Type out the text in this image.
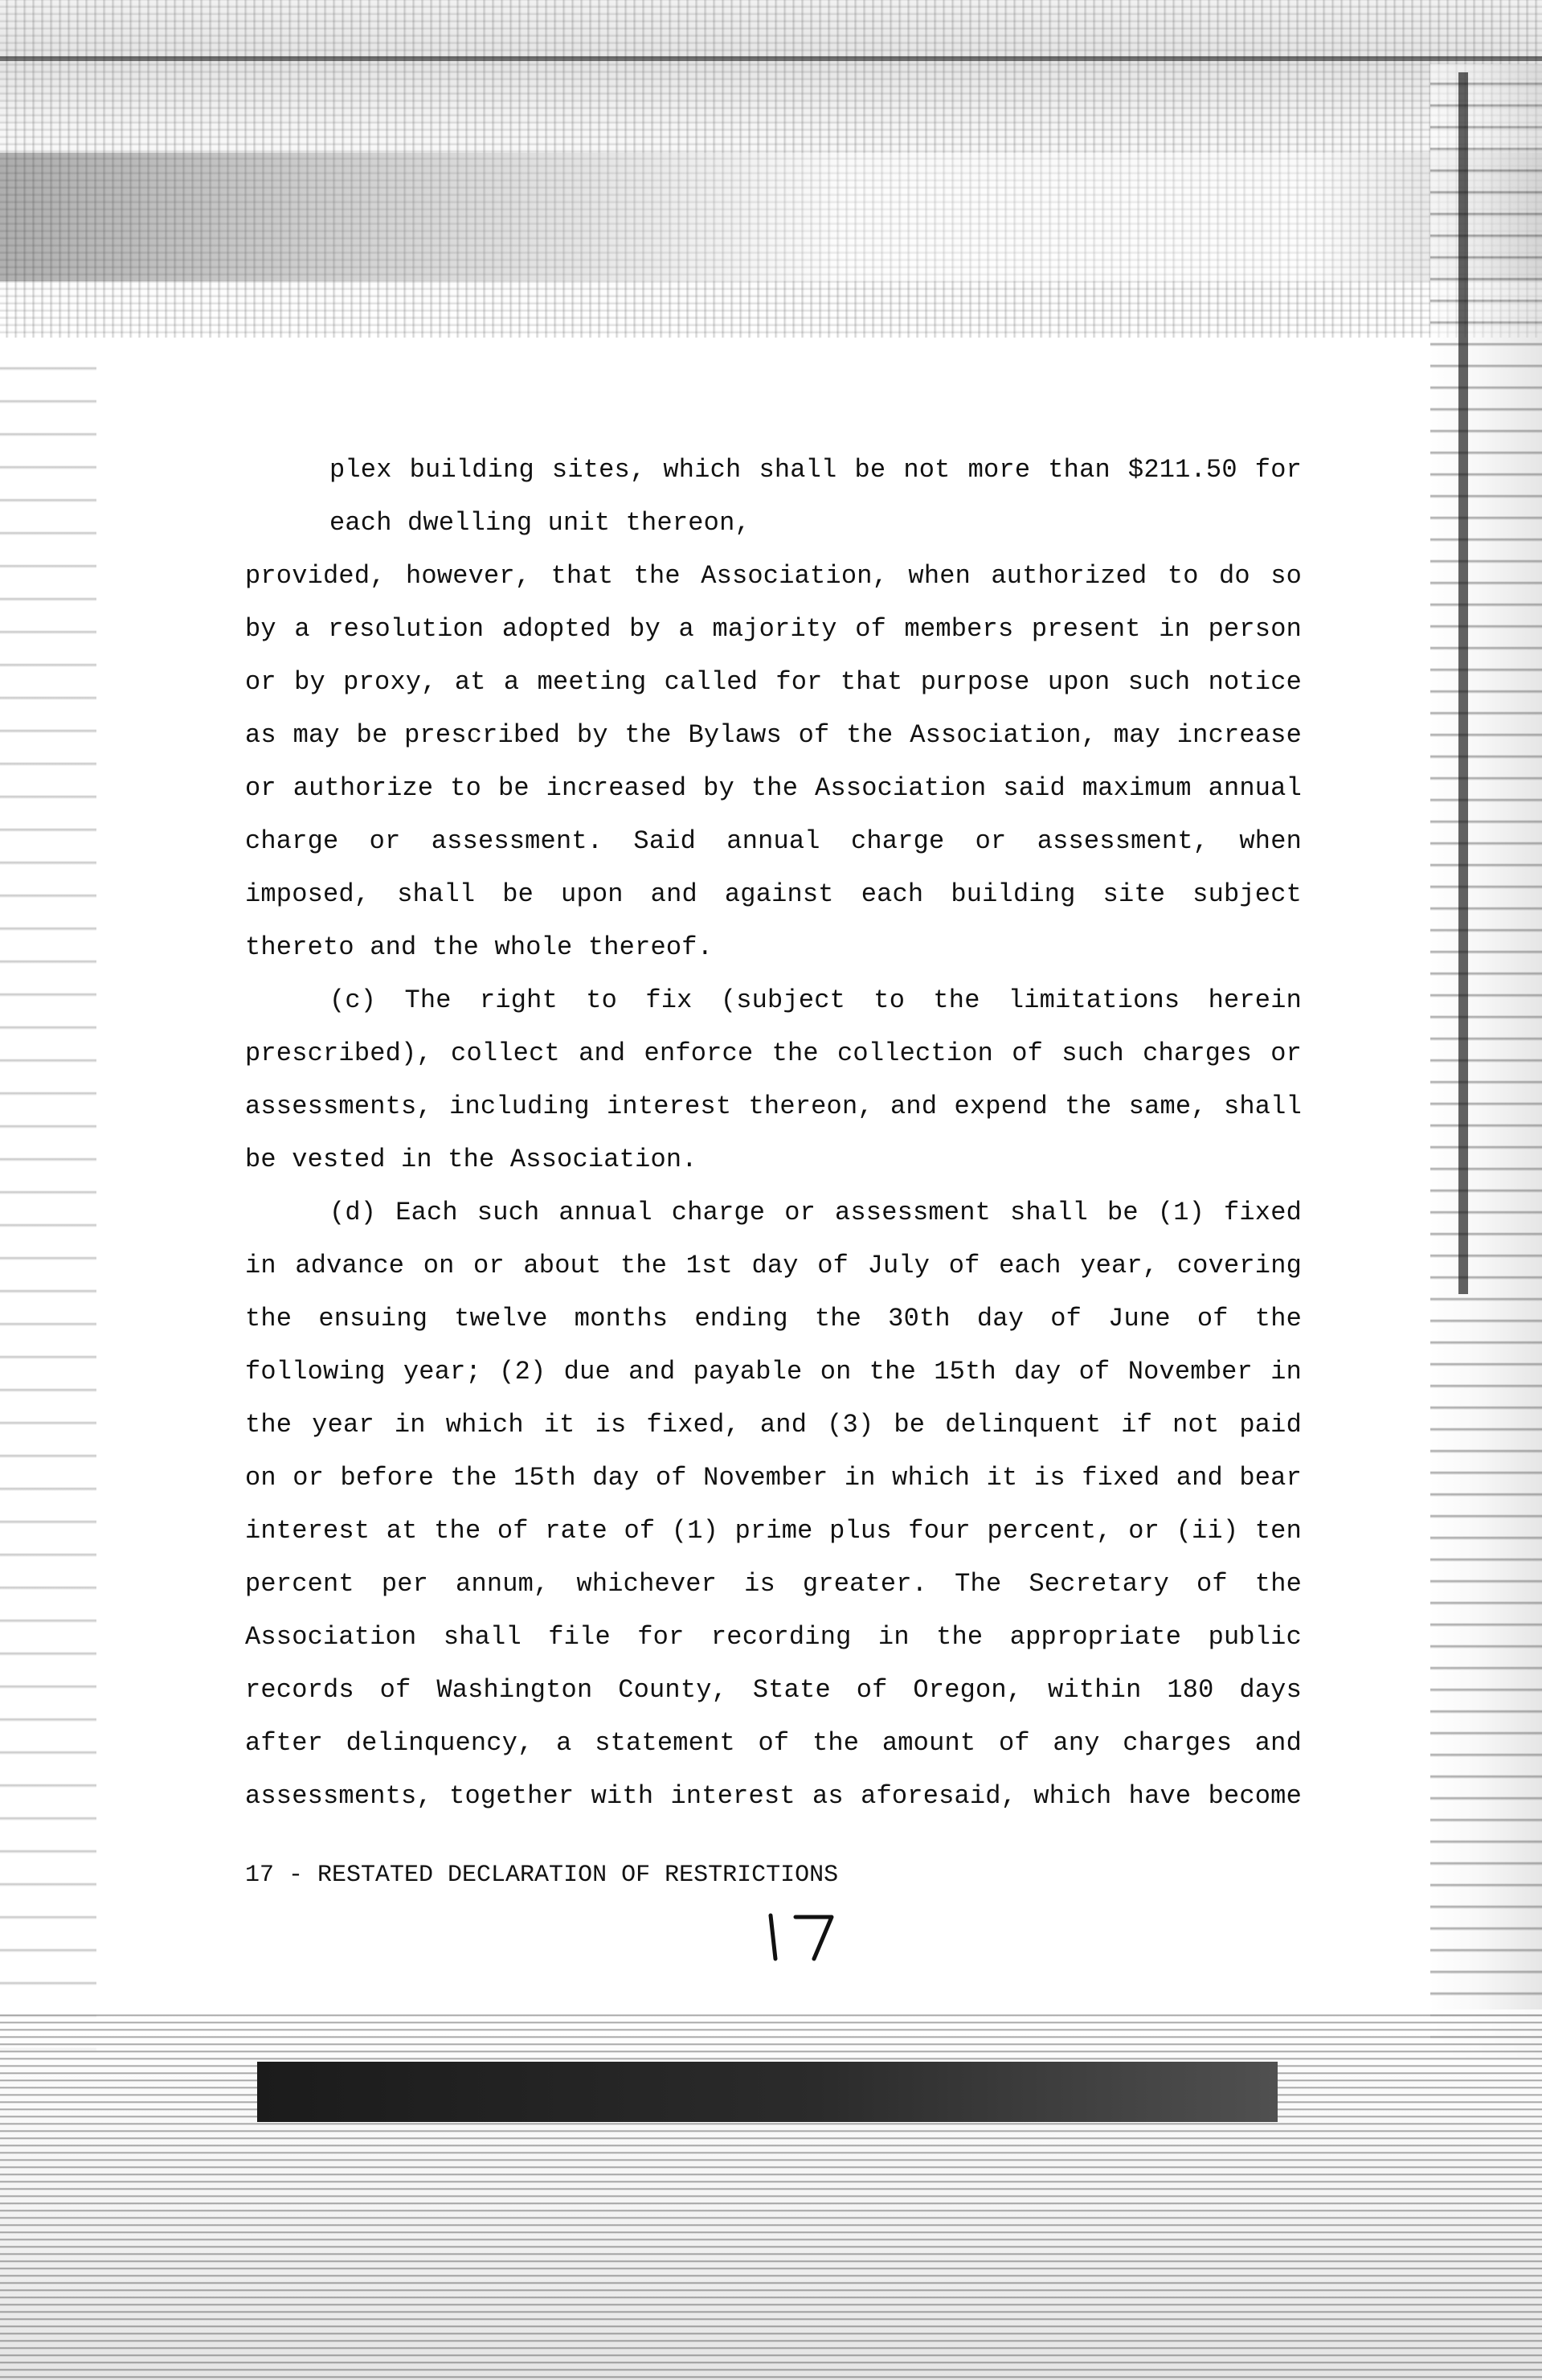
plex building sites, which shall be not more than $211.50 for
each dwelling unit thereon,
provided, however, that the Association, when authorized to do so
by a resolution adopted by a majority of members present in person
or by proxy, at a meeting called for that purpose upon such notice
as may be prescribed by the Bylaws of the Association, may increase
or authorize to be increased by the Association said maximum annual
charge or assessment. Said annual charge or assessment, when
imposed, shall be upon and against each building site subject
thereto and the whole thereof.
(c) The right to fix (subject to the limitations herein
prescribed), collect and enforce the collection of such charges or
assessments, including interest thereon, and expend the same, shall
be vested in the Association.
(d) Each such annual charge or assessment shall be (1) fixed
in advance on or about the 1st day of July of each year, covering
the ensuing twelve months ending the 30th day of June of the
following year; (2) due and payable on the 15th day of November in
the year in which it is fixed, and (3) be delinquent if not paid
on or before the 15th day of November in which it is fixed and bear
interest at the of rate of (1) prime plus four percent, or (ii) ten
percent per annum, whichever is greater. The Secretary of the
Association shall file for recording in the appropriate public
records of Washington County, State of Oregon, within 180 days
after delinquency, a statement of the amount of any charges and
assessments, together with interest as aforesaid, which have become
17 - RESTATED DECLARATION OF RESTRICTIONS
